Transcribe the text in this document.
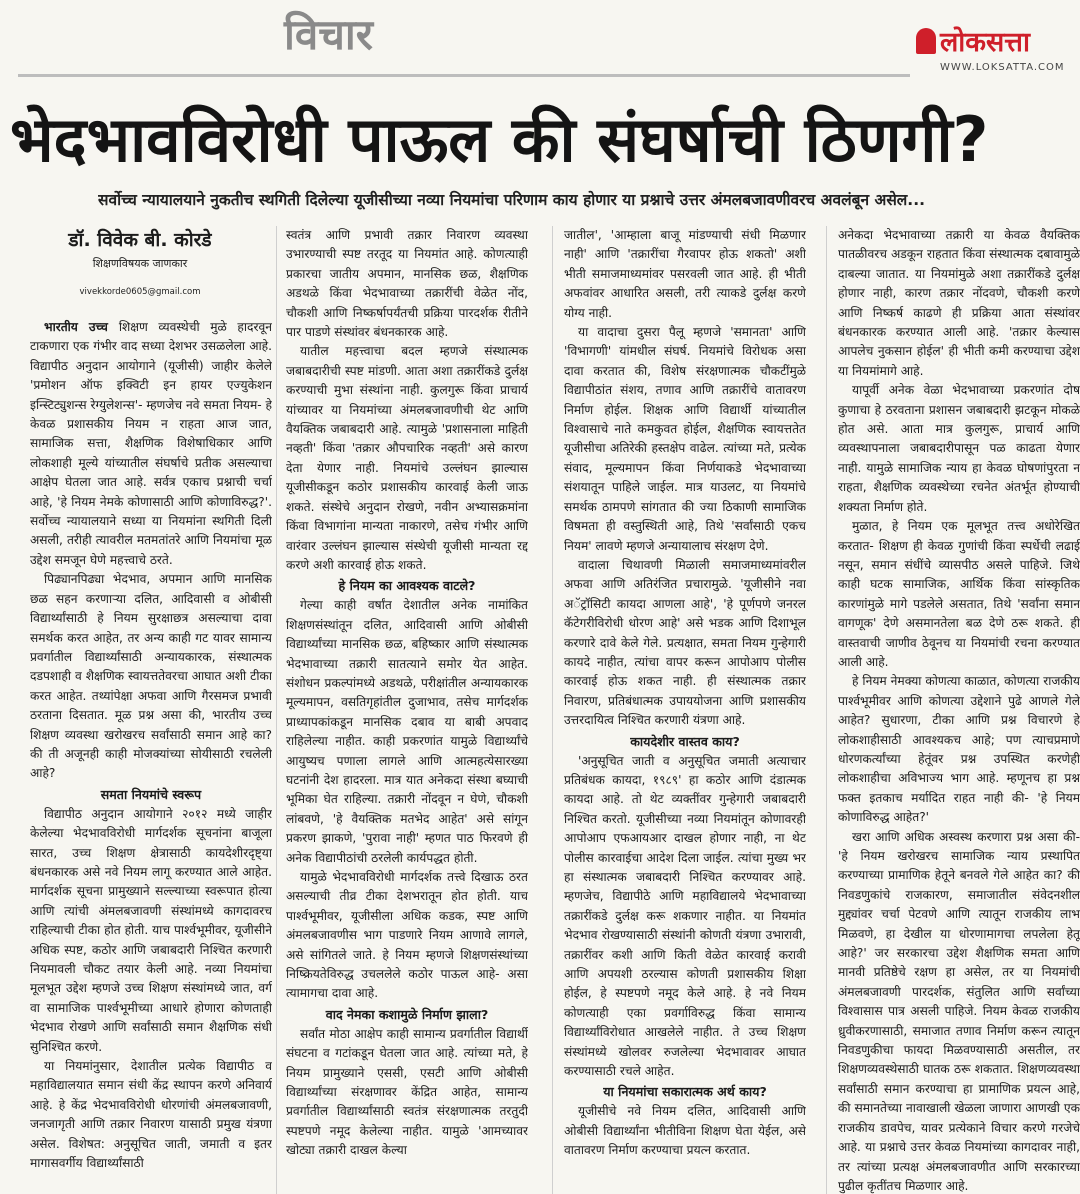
विचार	लोकसत्ता
WWW.LOKSATTA.COM
भेदभावविरोधी पाऊल की संघर्षाची ठिणगी?
सर्वोच्च न्यायालयाने नुकतीच स्थगिती दिलेल्या यूजीसीच्या नव्या नियमांचा परिणाम काय होणार या प्रश्नाचे उत्तर अंमलबजावणीवरच अवलंबून असेल...
डॉ. विवेक बी. कोरडे
शिक्षणविषयक जाणकार
vivekkorde0605@gmail.com

भारतीय उच्च शिक्षण व्यवस्थेची मुळे हादरवून टाकणारा एक गंभीर वाद सध्या देशभर उसळलेला आहे. विद्यापीठ अनुदान आयोगाने (यूजीसी) जाहीर केलेले 'प्रमोशन ऑफ इक्विटी इन हायर एज्युकेशन इन्स्टिट्युशन्स रेग्युलेशन्स'- म्हणजेच नवे समता नियम- हे केवळ प्रशासकीय नियम न राहता आज जात, सामाजिक सत्ता, शैक्षणिक विशेषाधिकार आणि लोकशाही मूल्ये यांच्यातील संघर्षाचे प्रतीक असल्याचा आक्षेप घेतला जात आहे. सर्वत्र एकाच प्रश्नाची चर्चा आहे, 'हे नियम नेमके कोणासाठी आणि कोणाविरुद्ध?'. सर्वोच्च न्यायालयाने सध्या या नियमांना स्थगिती दिली असली, तरीही त्यावरील मतमतांतरे आणि नियमांचा मूळ उद्देश समजून घेणे महत्त्वाचे ठरते.

पिढ्यानपिढ्या भेदभाव, अपमान आणि मानसिक छळ सहन करणाऱ्या दलित, आदिवासी व ओबीसी विद्यार्थ्यांसाठी हे नियम सुरक्षाछत्र असल्याचा दावा समर्थक करत आहेत, तर अन्य काही गट यावर सामान्य प्रवर्गातील विद्यार्थ्यांसाठी अन्यायकारक, संस्थात्मक दडपशाही व शैक्षणिक स्वायत्ततेवरचा आघात अशी टीका करत आहेत. तथ्यांपेक्षा अफवा आणि गैरसमज प्रभावी ठरताना दिसतात. मूळ प्रश्न असा की, भारतीय उच्च शिक्षण व्यवस्था खरोखरच सर्वांसाठी समान आहे का? की ती अजूनही काही मोजक्यांच्या सोयीसाठी रचलेली आहे?

समता नियमांचे स्वरूप

विद्यापीठ अनुदान आयोगाने २०१२ मध्ये जाहीर केलेल्या भेदभावविरोधी मार्गदर्शक सूचनांना बाजूला सारत, उच्च शिक्षण क्षेत्रासाठी कायदेशीरदृष्ट्या बंधनकारक असे नवे नियम लागू करण्यात आले आहेत. मार्गदर्शक सूचना प्रामुख्याने सल्ल्याच्या स्वरूपात होत्या आणि त्यांची अंमलबजावणी संस्थांमध्ये कागदावरच राहिल्याची टीका होत होती. याच पार्श्वभूमीवर, यूजीसीने अधिक स्पष्ट, कठोर आणि जबाबदारी निश्चित करणारी नियमावली चौकट तयार केली आहे. नव्या नियमांचा मूलभूत उद्देश म्हणजे उच्च शिक्षण संस्थांमध्ये जात, वर्ग वा सामाजिक पार्श्वभूमीच्या आधारे होणारा कोणताही भेदभाव रोखणे आणि सर्वांसाठी समान शैक्षणिक संधी सुनिश्चित करणे.

या नियमांनुसार, देशातील प्रत्येक विद्यापीठ व महाविद्यालयात समान संधी केंद्र स्थापन करणे अनिवार्य आहे. हे केंद्र भेदभावविरोधी धोरणांची अंमलबजावणी, जनजागृती आणि तक्रार निवारण यासाठी प्रमुख यंत्रणा असेल. विशेषत: अनुसूचित जाती, जमाती व इतर मागासवर्गीय विद्यार्थ्यांसाठी

स्वतंत्र आणि प्रभावी तक्रार निवारण व्यवस्था उभारण्याची स्पष्ट तरतूद या नियमांत आहे. कोणत्याही प्रकारचा जातीय अपमान, मानसिक छळ, शैक्षणिक अडथळे किंवा भेदभावाच्या तक्रारींची वेळेत नोंद, चौकशी आणि निष्कर्षापर्यंतची प्रक्रिया पारदर्शक रीतीने पार पाडणे संस्थांवर बंधनकारक आहे.

यातील महत्त्वाचा बदल म्हणजे संस्थात्मक जबाबदारीची स्पष्ट मांडणी. आता अशा तक्रारींकडे दुर्लक्ष करण्याची मुभा संस्थांना नाही. कुलगुरू किंवा प्राचार्य यांच्यावर या नियमांच्या अंमलबजावणीची थेट आणि वैयक्तिक जबाबदारी आहे. त्यामुळे 'प्रशासनाला माहिती नव्हती' किंवा 'तक्रार औपचारिक नव्हती' असे कारण देता येणार नाही. नियमांचे उल्लंघन झाल्यास यूजीसीकडून कठोर प्रशासकीय कारवाई केली जाऊ शकते. संस्थेचे अनुदान रोखणे, नवीन अभ्यासक्रमांना किंवा विभागांना मान्यता नाकारणे, तसेच गंभीर आणि वारंवार उल्लंघन झाल्यास संस्थेची यूजीसी मान्यता रद्द करणे अशी कारवाई होऊ शकते.

हे नियम का आवश्यक वाटले?

गेल्या काही वर्षांत देशातील अनेक नामांकित शिक्षणसंस्थांतून दलित, आदिवासी आणि ओबीसी विद्यार्थ्यांच्या मानसिक छळ, बहिष्कार आणि संस्थात्मक भेदभावाच्या तक्रारी सातत्याने समोर येत आहेत. संशोधन प्रकल्पांमध्ये अडथळे, परीक्षांतील अन्यायकारक मूल्यमापन, वसतिगृहांतील दुजाभाव, तसेच मार्गदर्शक प्राध्यापकांकडून मानसिक दबाव या बाबी अपवाद राहिलेल्या नाहीत. काही प्रकरणांत यामुळे विद्यार्थ्यांचे आयुष्यच पणाला लागले आणि आत्महत्येसारख्या घटनांनी देश हादरला. मात्र यात अनेकदा संस्था बघ्याची भूमिका घेत राहिल्या. तक्रारी नोंदवून न घेणे, चौकशी लांबवणे, 'हे वैयक्तिक मतभेद आहेत' असे सांगून प्रकरण झाकणे, 'पुरावा नाही' म्हणत पाठ फिरवणे ही अनेक विद्यापीठांची ठरलेली कार्यपद्धत होती.

यामुळे भेदभावविरोधी मार्गदर्शक तत्त्वे दिखाऊ ठरत असल्याची तीव्र टीका देशभरातून होत होती. याच पार्श्वभूमीवर, यूजीसीला अधिक कडक, स्पष्ट आणि अंमलबजावणीस भाग पाडणारे नियम आणावे लागले, असे सांगितले जाते. हे नियम म्हणजे शिक्षणसंस्थांच्या निष्क्रियतेविरुद्ध उचललेले कठोर पाऊल आहे- असा त्यामागचा दावा आहे.

वाद नेमका कशामुळे निर्माण झाला?

सर्वांत मोठा आक्षेप काही सामान्य प्रवर्गातील विद्यार्थी संघटना व गटांकडून घेतला जात आहे. त्यांच्या मते, हे नियम प्रामुख्याने एससी, एसटी आणि ओबीसी विद्यार्थ्यांच्या संरक्षणावर केंद्रित आहेत, सामान्य प्रवर्गातील विद्यार्थ्यांसाठी स्वतंत्र संरक्षणात्मक तरतुदी स्पष्टपणे नमूद केलेल्या नाहीत. यामुळे 'आमच्यावर खोट्या तक्रारी दाखल केल्या

जातील', 'आम्हाला बाजू मांडण्याची संधी मिळणार नाही' आणि 'तक्रारींचा गैरवापर होऊ शकतो' अशी भीती समाजमाध्यमांवर पसरवली जात आहे. ही भीती अफवांवर आधारित असली, तरी त्याकडे दुर्लक्ष करणे योग्य नाही.

या वादाचा दुसरा पैलू म्हणजे 'समानता' आणि 'विभागणी' यांमधील संघर्ष. नियमांचे विरोधक असा दावा करतात की, विशेष संरक्षणात्मक चौकटींमुळे विद्यापीठांत संशय, तणाव आणि तक्रारींचे वातावरण निर्माण होईल. शिक्षक आणि विद्यार्थी यांच्यातील विश्वासाचे नाते कमकुवत होईल, शैक्षणिक स्वायत्ततेत यूजीसीचा अतिरेकी हस्तक्षेप वाढेल. त्यांच्या मते, प्रत्येक संवाद, मूल्यमापन किंवा निर्णयाकडे भेदभावाच्या संशयातून पाहिले जाईल. मात्र याउलट, या नियमांचे समर्थक ठामपणे सांगतात की ज्या ठिकाणी सामाजिक विषमता ही वस्तुस्थिती आहे, तिथे 'सर्वांसाठी एकच नियम' लावणे म्हणजे अन्यायालाच संरक्षण देणे.

वादाला चिथावणी मिळाली समाजमाध्यमांवरील अफवा आणि अतिरंजित प्रचारामुळे. 'यूजीसीने नवा अॅट्रॉसिटी कायदा आणला आहे', 'हे पूर्णपणे जनरल कॅटेगरीविरोधी धोरण आहे' असे भडक आणि दिशाभूल करणारे दावे केले गेले. प्रत्यक्षात, समता नियम गुन्हेगारी कायदे नाहीत, त्यांचा वापर करून आपोआप पोलीस कारवाई होऊ शकत नाही. ही संस्थात्मक तक्रार निवारण, प्रतिबंधात्मक उपाययोजना आणि प्रशासकीय उत्तरदायित्व निश्चित करणारी यंत्रणा आहे.

कायदेशीर वास्तव काय?

'अनुसूचित जाती व अनुसूचित जमाती अत्याचार प्रतिबंधक कायदा, १९८९' हा कठोर आणि दंडात्मक कायदा आहे. तो थेट व्यक्तींवर गुन्हेगारी जबाबदारी निश्चित करतो. यूजीसीच्या नव्या नियमांतून कोणावरही आपोआप एफआयआर दाखल होणार नाही, ना थेट पोलीस कारवाईचा आदेश दिला जाईल. त्यांचा मुख्य भर हा संस्थात्मक जबाबदारी निश्चित करण्यावर आहे. म्हणजेच, विद्यापीठे आणि महाविद्यालये भेदभावाच्या तक्रारींकडे दुर्लक्ष करू शकणार नाहीत. या नियमांत भेदभाव रोखण्यासाठी संस्थांनी कोणती यंत्रणा उभारावी, तक्रारींवर कशी आणि किती वेळेत कारवाई करावी आणि अपयशी ठरल्यास कोणती प्रशासकीय शिक्षा होईल, हे स्पष्टपणे नमूद केले आहे. हे नवे नियम कोणत्याही एका प्रवर्गाविरुद्ध किंवा सामान्य विद्यार्थ्यांविरोधात आखलेले नाहीत. ते उच्च शिक्षण संस्थांमध्ये खोलवर रुजलेल्या भेदभावावर आघात करण्यासाठी रचले आहेत.

या नियमांचा सकारात्मक अर्थ काय?

यूजीसीचे नवे नियम दलित, आदिवासी आणि ओबीसी विद्यार्थ्यांना भीतीविना शिक्षण घेता येईल, असे वातावरण निर्माण करण्याचा प्रयत्न करतात.

अनेकदा भेदभावाच्या तक्रारी या केवळ वैयक्तिक पातळीवरच अडकून राहतात किंवा संस्थात्मक दबावामुळे दाबल्या जातात. या नियमांमुळे अशा तक्रारींकडे दुर्लक्ष होणार नाही, कारण तक्रार नोंदवणे, चौकशी करणे आणि निष्कर्ष काढणे ही प्रक्रिया आता संस्थांवर बंधनकारक करण्यात आली आहे. 'तक्रार केल्यास आपलेच नुकसान होईल' ही भीती कमी करण्याचा उद्देश या नियमांमागे आहे.

यापूर्वी अनेक वेळा भेदभावाच्या प्रकरणांत दोष कुणाचा हे ठरवताना प्रशासन जबाबदारी झटकून मोकळे होत असे. आता मात्र कुलगुरू, प्राचार्य आणि व्यवस्थापनाला जबाबदारीपासून पळ काढता येणार नाही. यामुळे सामाजिक न्याय हा केवळ घोषणांपुरता न राहता, शैक्षणिक व्यवस्थेच्या रचनेत अंतर्भूत होण्याची शक्यता निर्माण होते.

मुळात, हे नियम एक मूलभूत तत्त्व अधोरेखित करतात- शिक्षण ही केवळ गुणांची किंवा स्पर्धेची लढाई नसून, समान संधींचे व्यासपीठ असले पाहिजे. जिथे काही घटक सामाजिक, आर्थिक किंवा सांस्कृतिक कारणांमुळे मागे पडलेले असतात, तिथे 'सर्वांना समान वागणूक' देणे असमानतेला बळ देणे ठरू शकते. ही वास्तवाची जाणीव ठेवूनच या नियमांची रचना करण्यात आली आहे.

हे नियम नेमक्या कोणत्या काळात, कोणत्या राजकीय पार्श्वभूमीवर आणि कोणत्या उद्देशाने पुढे आणले गेले आहेत? सुधारणा, टीका आणि प्रश्न विचारणे हे लोकशाहीसाठी आवश्यकच आहे; पण त्याचप्रमाणे धोरणकर्त्यांच्या हेतूंवर प्रश्न उपस्थित करणेही लोकशाहीचा अविभाज्य भाग आहे. म्हणूनच हा प्रश्न फक्त इतकाच मर्यादित राहत नाही की- 'हे नियम कोणाविरुद्ध आहेत?'

खरा आणि अधिक अस्वस्थ करणारा प्रश्न असा की- 'हे नियम खरोखरच सामाजिक न्याय प्रस्थापित करण्याच्या प्रामाणिक हेतूने बनवले गेले आहेत का? की निवडणुकांचे राजकारण, समाजातील संवेदनशील मुद्द्यांवर चर्चा पेटवणे आणि त्यातून राजकीय लाभ मिळवणे, हा देखील या धोरणामागचा लपलेला हेतू आहे?' जर सरकारचा उद्देश शैक्षणिक समता आणि मानवी प्रतिष्ठेचे रक्षण हा असेल, तर या नियमांची अंमलबजावणी पारदर्शक, संतुलित आणि सर्वांच्या विश्वासास पात्र असली पाहिजे. नियम केवळ राजकीय ध्रुवीकरणासाठी, समाजात तणाव निर्माण करून त्यातून निवडणुकीचा फायदा मिळवण्यासाठी असतील, तर शिक्षणव्यवस्थेसाठी घातक ठरू शकतात. शिक्षणव्यवस्था सर्वांसाठी समान करण्याचा हा प्रामाणिक प्रयत्न आहे, की समानतेच्या नावाखाली खेळला जाणारा आणखी एक राजकीय डावपेच, यावर प्रत्येकाने विचार करणे गरजेचे आहे. या प्रश्नाचे उत्तर केवळ नियमांच्या कागदावर नाही, तर त्यांच्या प्रत्यक्ष अंमलबजावणीत आणि सरकारच्या पुढील कृतींतच मिळणार आहे.
